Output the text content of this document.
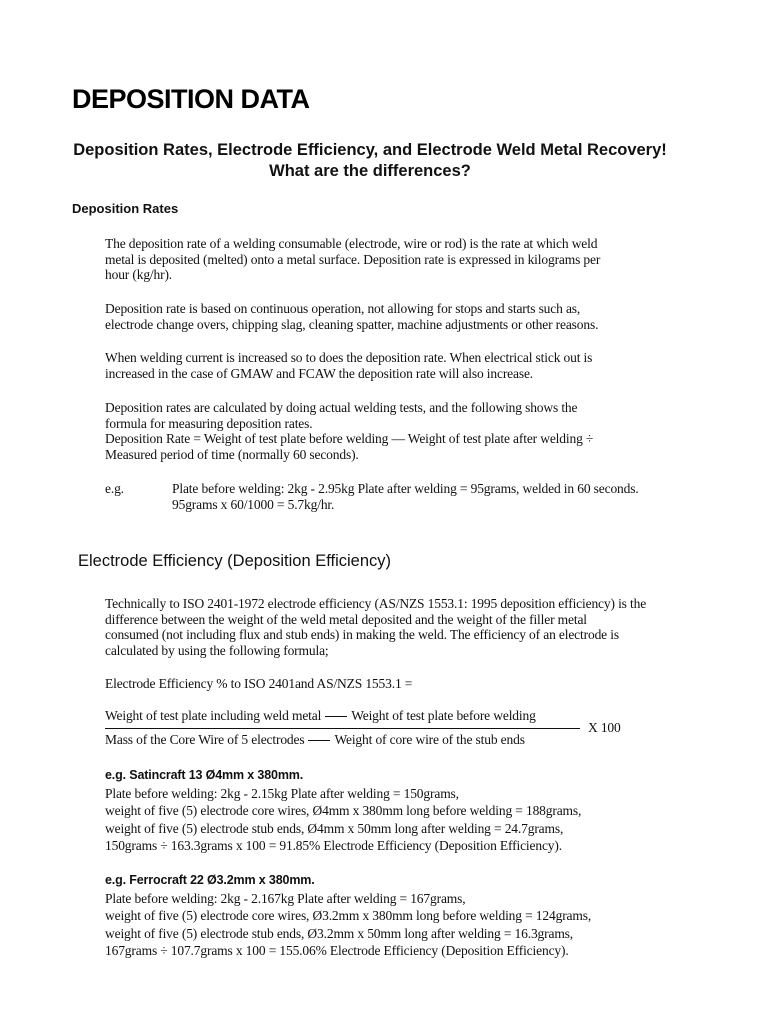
DEPOSITION DATA
Deposition Rates, Electrode Efficiency, and Electrode Weld Metal Recovery!
What are the differences?
Deposition Rates

The deposition rate of a welding consumable (electrode, wire or rod) is the rate at which weld
metal is deposited (melted) onto a metal surface. Deposition rate is expressed in kilograms per
hour (kg/hr).

Deposition rate is based on continuous operation, not allowing for stops and starts such as,
electrode change overs, chipping slag, cleaning spatter, machine adjustments or other reasons.

When welding current is increased so to does the deposition rate. When electrical stick out is
increased in the case of GMAW and FCAW the deposition rate will also increase.

Deposition rates are calculated by doing actual welding tests, and the following shows the
formula for measuring deposition rates.
Deposition Rate = Weight of test plate before welding — Weight of test plate after welding ÷
Measured period of time (normally 60 seconds).

e.g.	Plate before welding: 2kg - 2.95kg Plate after welding = 95grams, welded in 60 seconds.
95grams x 60/1000 = 5.7kg/hr.
Electrode Efficiency (Deposition Efficiency)

Technically to ISO 2401-1972 electrode efficiency (AS/NZS 1553.1: 1995 deposition efficiency) is the
difference between the weight of the weld metal deposited and the weight of the filler metal
consumed (not including flux and stub ends) in making the weld. The efficiency of an electrode is
calculated by using the following formula;

Electrode Efficiency % to ISO 2401and AS/NZS 1553.1 =

Weight of test plate including weld metal Weight of test plate before welding
Mass of the Core Wire of 5 electrodes Weight of core wire of the stub ends
X 100
e.g. Satincraft 13 Ø4mm x 380mm.
Plate before welding: 2kg - 2.15kg Plate after welding = 150grams,
weight of five (5) electrode core wires, Ø4mm x 380mm long before welding = 188grams,
weight of five (5) electrode stub ends, Ø4mm x 50mm long after welding = 24.7grams,
150grams ÷ 163.3grams x 100 = 91.85% Electrode Efficiency (Deposition Efficiency).
e.g. Ferrocraft 22 Ø3.2mm x 380mm.
Plate before welding: 2kg - 2.167kg Plate after welding = 167grams,
weight of five (5) electrode core wires, Ø3.2mm x 380mm long before welding = 124grams,
weight of five (5) electrode stub ends, Ø3.2mm x 50mm long after welding = 16.3grams,
167grams ÷ 107.7grams x 100 = 155.06% Electrode Efficiency (Deposition Efficiency).
